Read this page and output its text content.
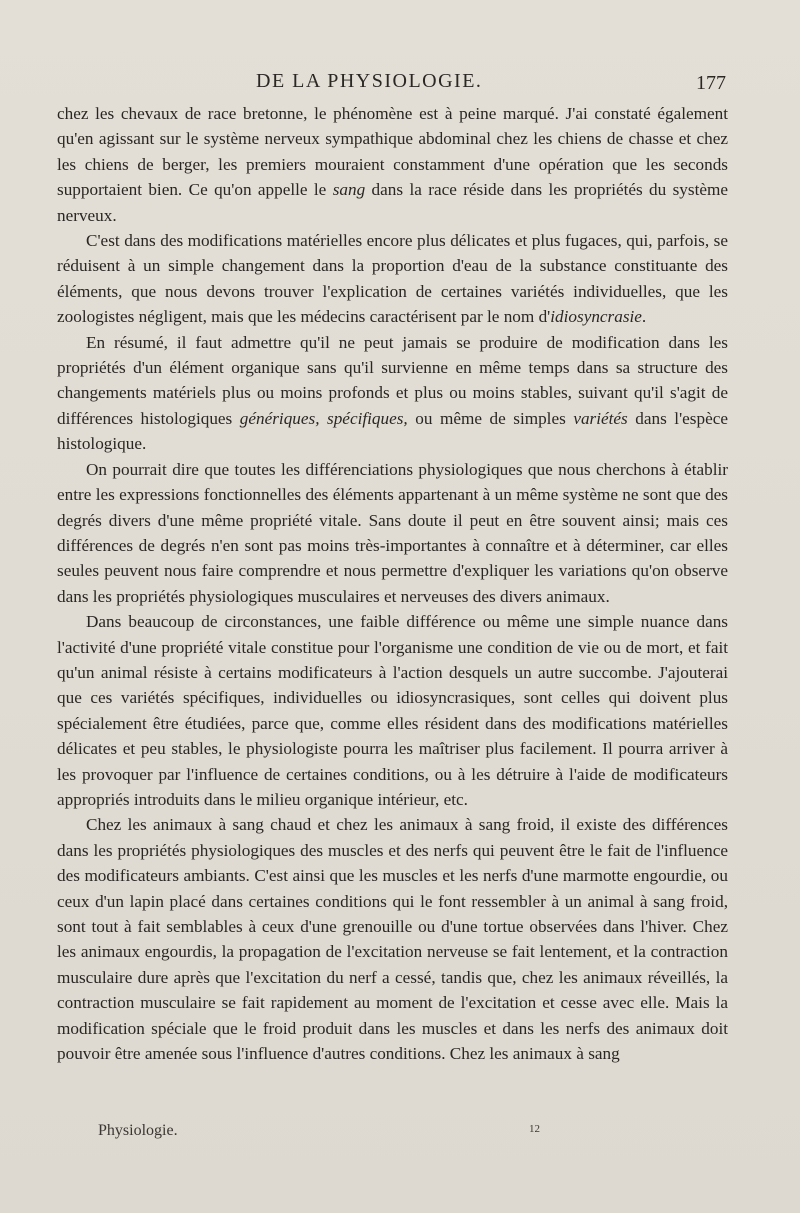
DE LA PHYSIOLOGIE.	177

chez les chevaux de race bretonne, le phénomène est à peine marqué. J'ai constaté également qu'en agissant sur le système nerveux sympathique abdominal chez les chiens de chasse et chez les chiens de berger, les premiers mouraient constamment d'une opération que les seconds supportaient bien. Ce qu'on appelle le sang dans la race réside dans les propriétés du système nerveux.

C'est dans des modifications matérielles encore plus délicates et plus fugaces, qui, parfois, se réduisent à un simple changement dans la proportion d'eau de la substance constituante des éléments, que nous devons trouver l'explication de certaines variétés individuelles, que les zoologistes négligent, mais que les médecins caractérisent par le nom d'idiosyncrasie.

En résumé, il faut admettre qu'il ne peut jamais se produire de modification dans les propriétés d'un élément organique sans qu'il survienne en même temps dans sa structure des changements matériels plus ou moins profonds et plus ou moins stables, suivant qu'il s'agit de différences histologiques génériques, spécifiques, ou même de simples variétés dans l'espèce histologique.

On pourrait dire que toutes les différenciations physiologiques que nous cherchons à établir entre les expressions fonctionnelles des éléments appartenant à un même système ne sont que des degrés divers d'une même propriété vitale. Sans doute il peut en être souvent ainsi; mais ces différences de degrés n'en sont pas moins très-importantes à connaître et à déterminer, car elles seules peuvent nous faire comprendre et nous permettre d'expliquer les variations qu'on observe dans les propriétés physiologiques musculaires et nerveuses des divers animaux.

Dans beaucoup de circonstances, une faible différence ou même une simple nuance dans l'activité d'une propriété vitale constitue pour l'organisme une condition de vie ou de mort, et fait qu'un animal résiste à certains modificateurs à l'action desquels un autre succombe. J'ajouterai que ces variétés spécifiques, individuelles ou idiosyncrasiques, sont celles qui doivent plus spécialement être étudiées, parce que, comme elles résident dans des modifications matérielles délicates et peu stables, le physiologiste pourra les maîtriser plus facilement. Il pourra arriver à les provoquer par l'influence de certaines conditions, ou à les détruire à l'aide de modificateurs appropriés introduits dans le milieu organique intérieur, etc.

Chez les animaux à sang chaud et chez les animaux à sang froid, il existe des différences dans les propriétés physiologiques des muscles et des nerfs qui peuvent être le fait de l'influence des modificateurs ambiants. C'est ainsi que les muscles et les nerfs d'une marmotte engourdie, ou ceux d'un lapin placé dans certaines conditions qui le font ressembler à un animal à sang froid, sont tout à fait semblables à ceux d'une grenouille ou d'une tortue observées dans l'hiver. Chez les animaux engourdis, la propagation de l'excitation nerveuse se fait lentement, et la contraction musculaire dure après que l'excitation du nerf a cessé, tandis que, chez les animaux réveillés, la contraction musculaire se fait rapidement au moment de l'excitation et cesse avec elle. Mais la modification spéciale que le froid produit dans les muscles et dans les nerfs des animaux doit pouvoir être amenée sous l'influence d'autres conditions. Chez les animaux à sang

Physiologie.	12
